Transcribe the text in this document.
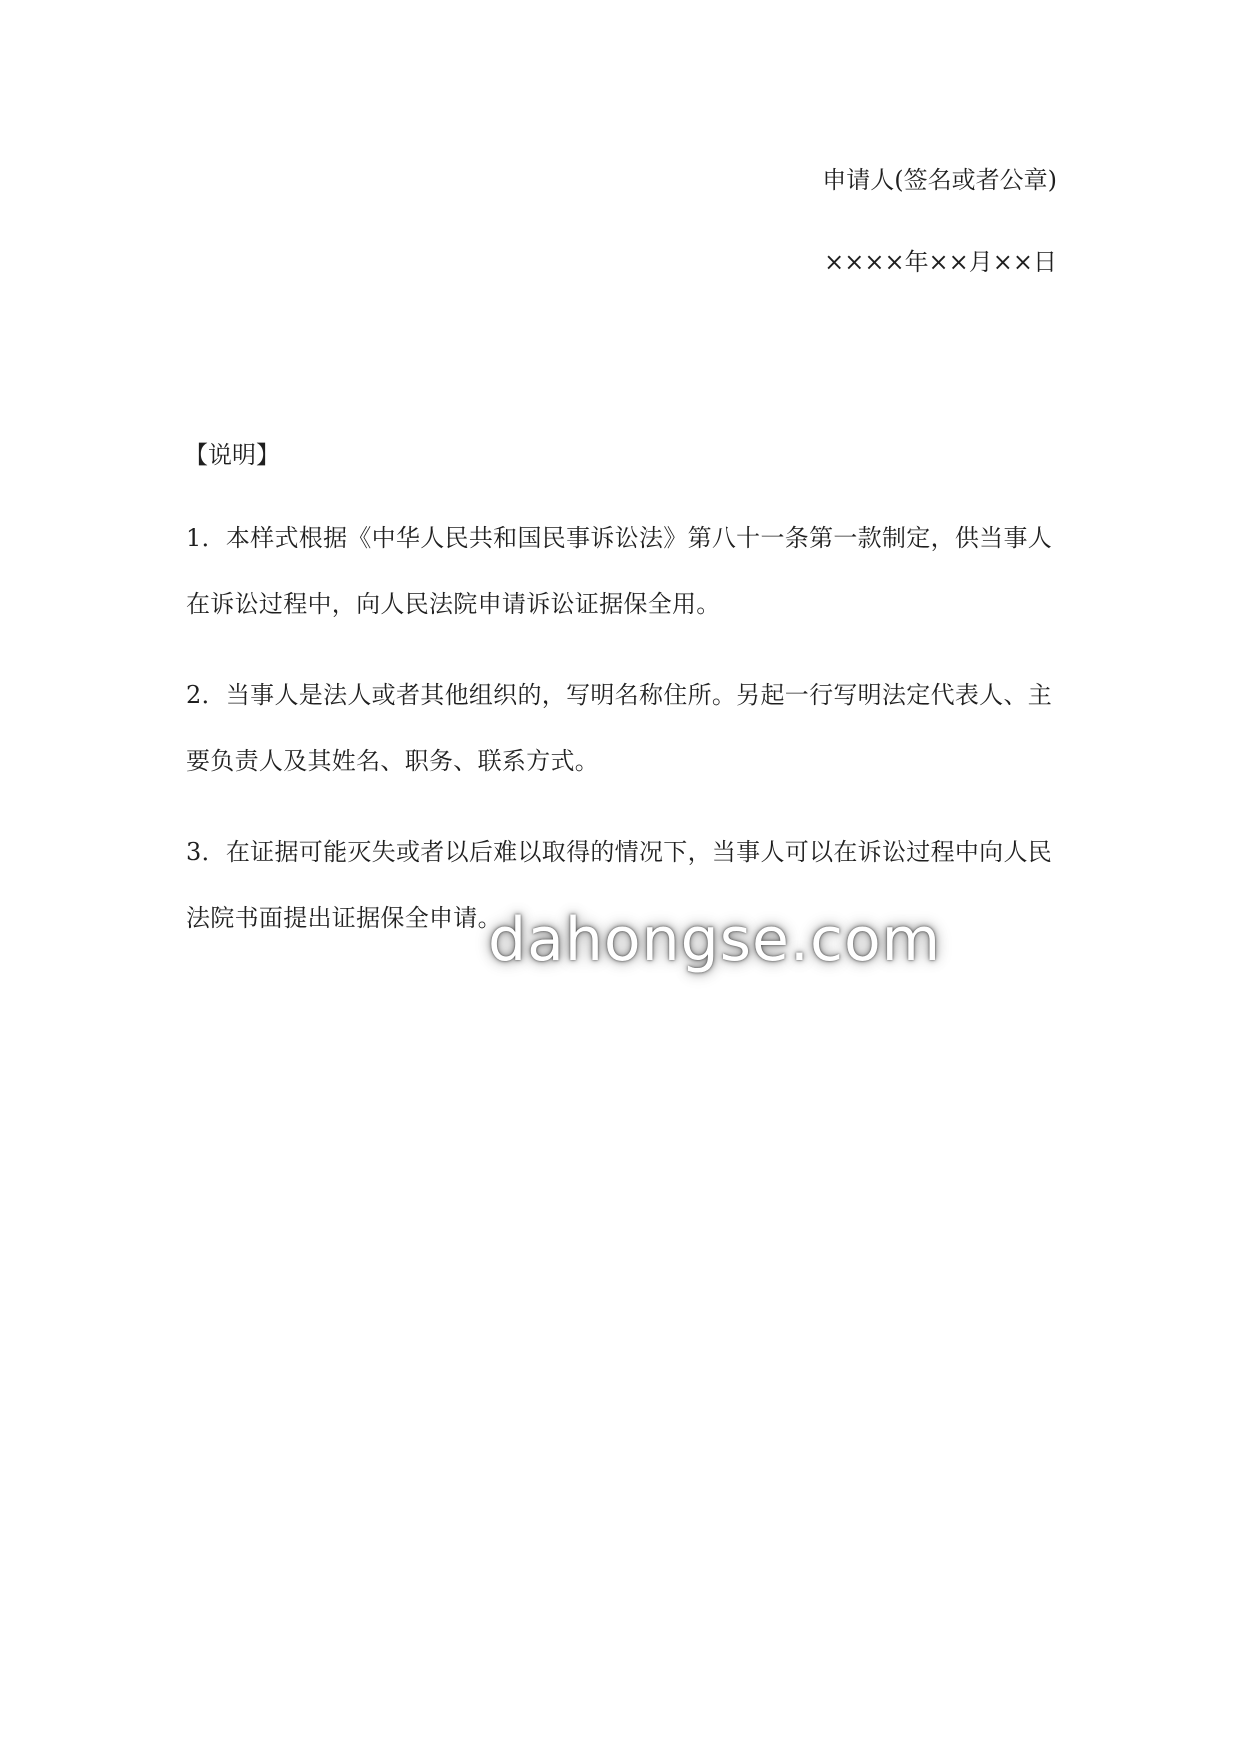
申请人(签名或者公章)
××××年××月××日
【说明】

1．本样式根据《中华人民共和国民事诉讼法》第八十一条第一款制定，供当事人在诉讼过程中，向人民法院申请诉讼证据保全用。

2．当事人是法人或者其他组织的，写明名称住所。另起一行写明法定代表人、主要负责人及其姓名、职务、联系方式。

3．在证据可能灭失或者以后难以取得的情况下，当事人可以在诉讼过程中向人民法院书面提出证据保全申请。

dahongse.com
